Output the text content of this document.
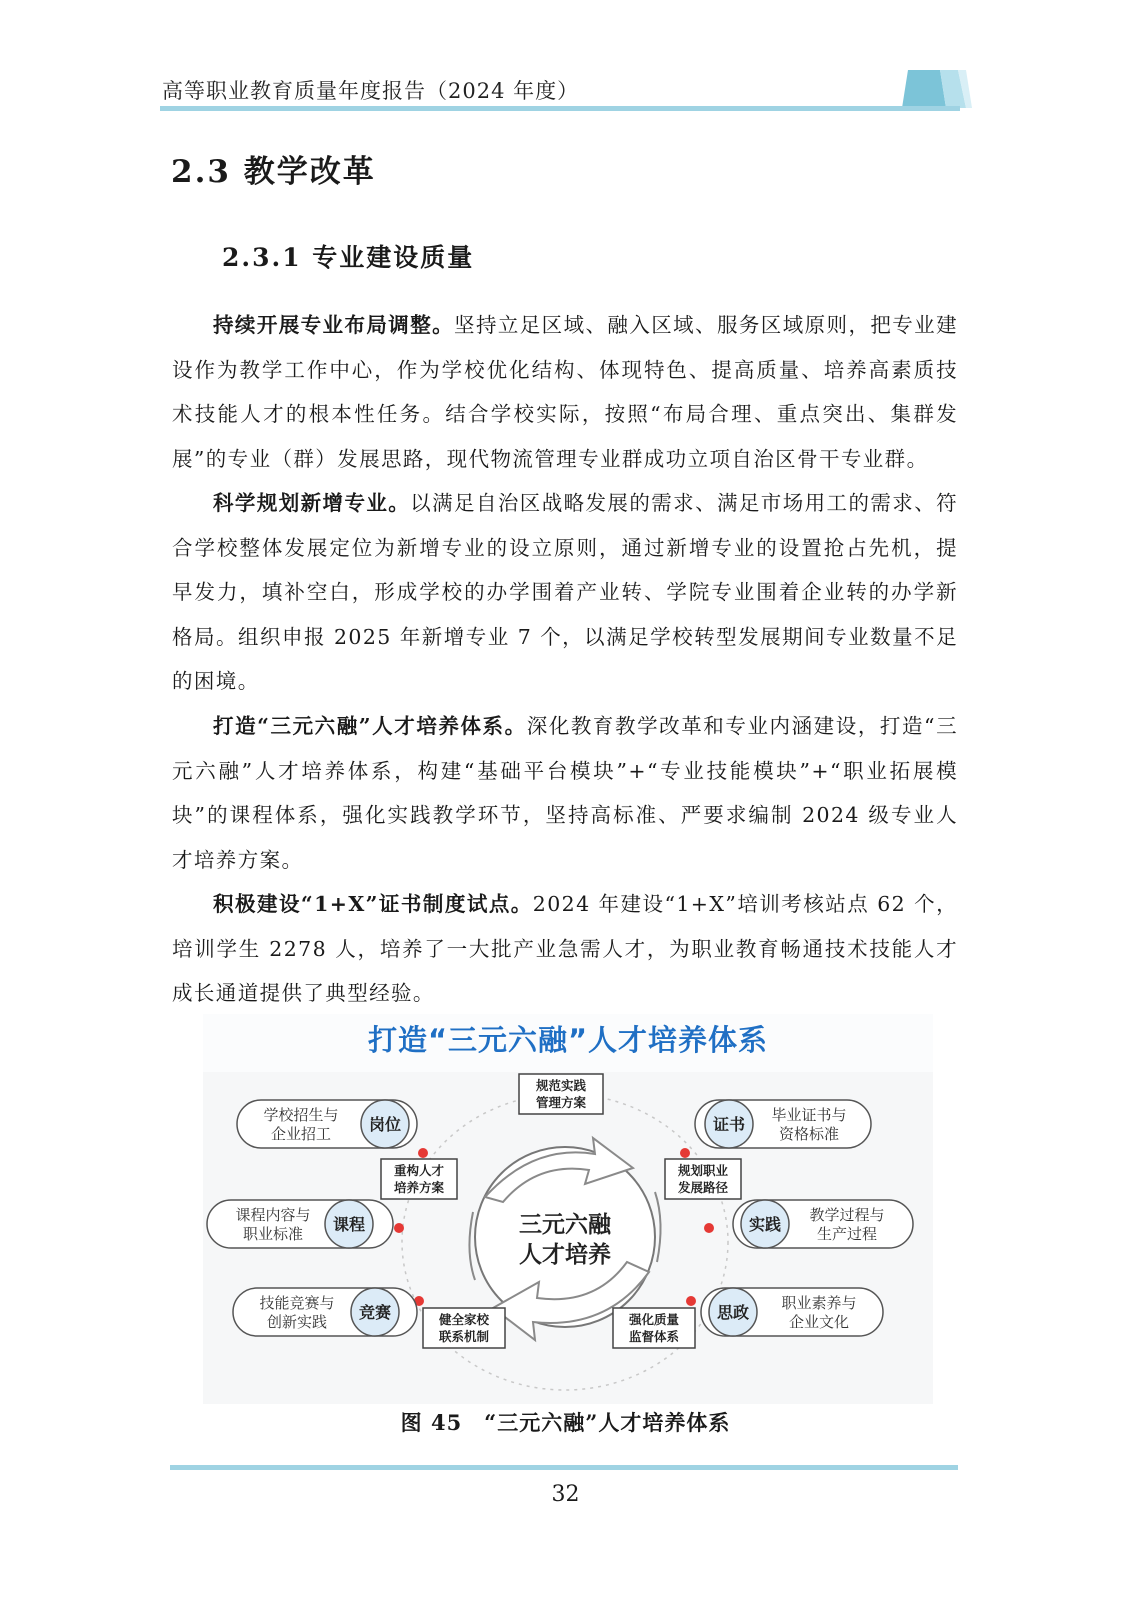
高等职业教育质量年度报告（2024 年度）
2.3 教学改革
2.3.1 专业建设质量

持续开展专业布局调整。坚持立足区域、融入区域、服务区域原则，把专业建设作为教学工作中心，作为学校优化结构、体现特色、提高质量、培养高素质技术技能人才的根本性任务。结合学校实际，按照“布局合理、重点突出、集群发展”的专业（群）发展思路，现代物流管理专业群成功立项自治区骨干专业群。

科学规划新增专业。以满足自治区战略发展的需求、满足市场用工的需求、符合学校整体发展定位为新增专业的设立原则，通过新增专业的设置抢占先机，提早发力，填补空白，形成学校的办学围着产业转、学院专业围着企业转的办学新格局。组织申报 2025 年新增专业 7 个，以满足学校转型发展期间专业数量不足的困境。

打造“三元六融”人才培养体系。深化教育教学改革和专业内涵建设，打造“三元六融”人才培养体系，构建“基础平台模块”+“专业技能模块”+“职业拓展模块”的课程体系，强化实践教学环节，坚持高标准、严要求编制 2024 级专业人才培养方案。

积极建设“1+X”证书制度试点。2024 年建设“1+X”培训考核站点 62 个，培训学生 2278 人，培养了一大批产业急需人才，为职业教育畅通技术技能人才成长通道提供了典型经验。

打造“三元六融”人才培养体系
三元六融
人才培养
规范实践
管理方案
重构人才
培养方案
规划职业
发展路径
健全家校
联系机制
强化质量
监督体系
学校招生与
企业招工 岗位
课程内容与
职业标准 课程
技能竞赛与
创新实践 竞赛
证书 毕业证书与
资格标准
实践 教学过程与
生产过程
思政 职业素养与
企业文化
图 45　“三元六融”人才培养体系
32
